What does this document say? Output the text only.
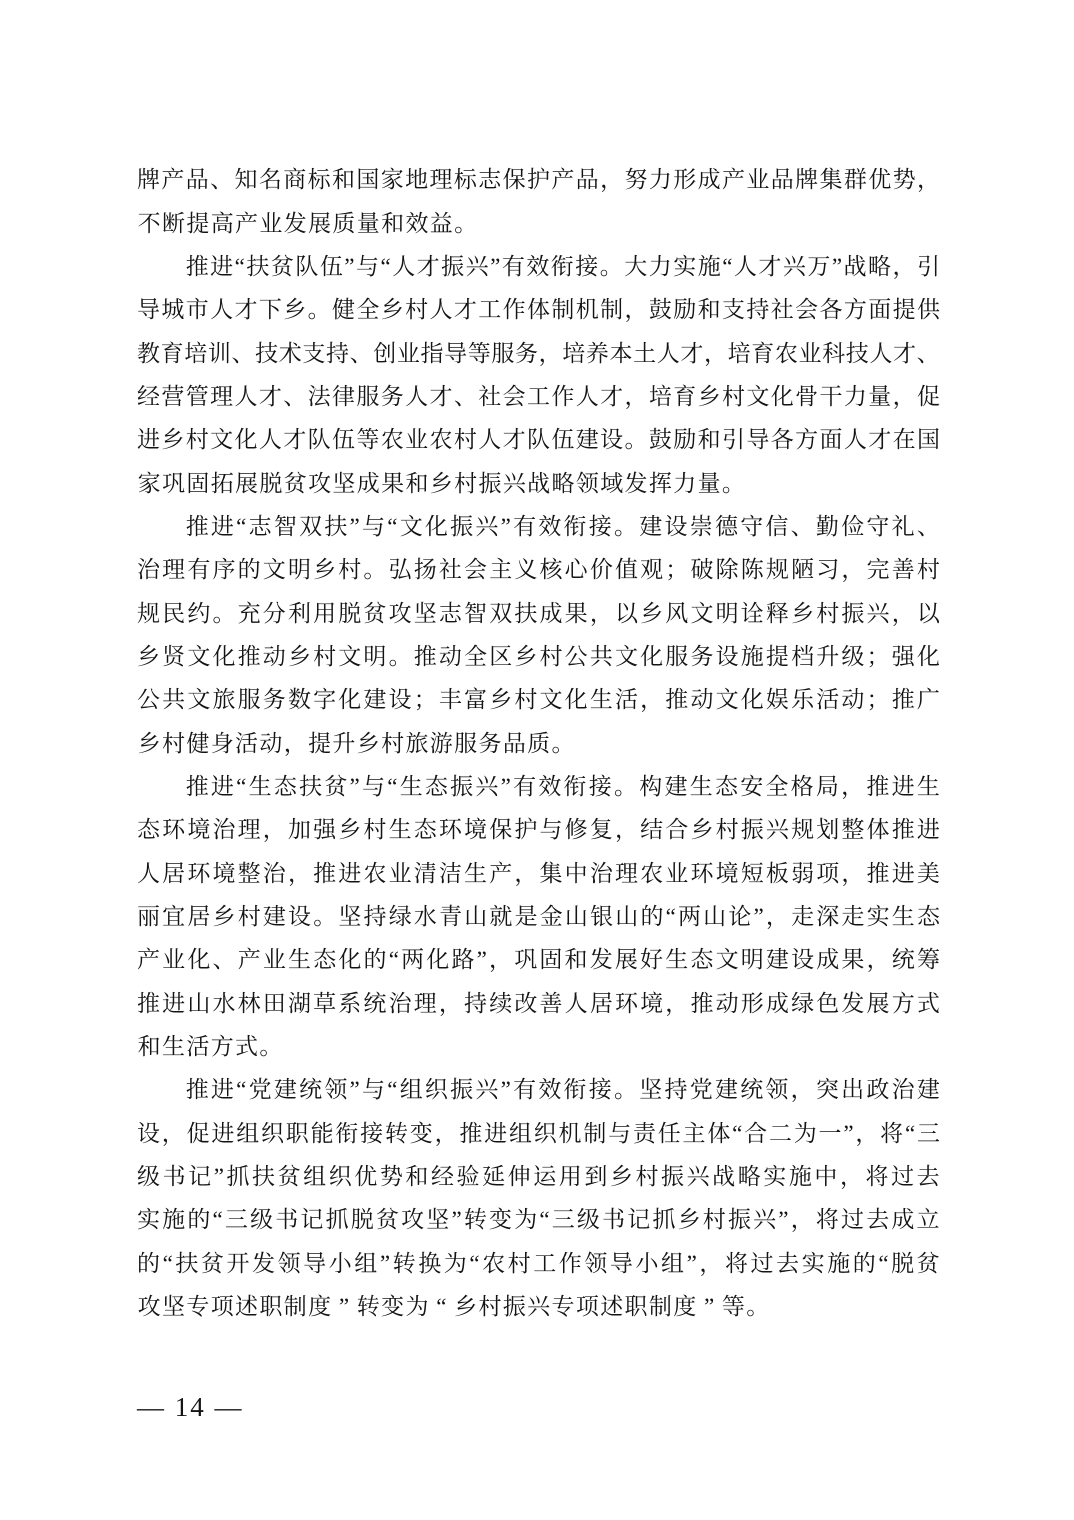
牌 产 品 、 知 名 商 标 和 国 家 地 理 标 志 保 护 产 品 ， 努 力 形 成 产 业 品 牌 集 群 优 势 ，
不 断 提 高 产 业 发 展 质 量 和 效 益 。
推 进 “ 扶 贫 队 伍 ” 与 “ 人 才 振 兴 ” 有 效 衔 接 。 大 力 实 施 “ 人 才 兴 万 ” 战 略 ， 引
导 城 市 人 才 下 乡 。 健 全 乡 村 人 才 工 作 体 制 机 制 ， 鼓 励 和 支 持 社 会 各 方 面 提 供
教 育 培 训 、 技 术 支 持 、 创 业 指 导 等 服 务 ， 培 养 本 土 人 才 ， 培 育 农 业 科 技 人 才 、
经 营 管 理 人 才 、 法 律 服 务 人 才 、 社 会 工 作 人 才 ， 培 育 乡 村 文 化 骨 干 力 量 ， 促
进 乡 村 文 化 人 才 队 伍 等 农 业 农 村 人 才 队 伍 建 设 。 鼓 励 和 引 导 各 方 面 人 才 在 国
家 巩 固 拓 展 脱 贫 攻 坚 成 果 和 乡 村 振 兴 战 略 领 域 发 挥 力 量 。
推 进 “ 志 智 双 扶 ” 与 “ 文 化 振 兴 ” 有 效 衔 接 。 建 设 崇 德 守 信 、 勤 俭 守 礼 、
治 理 有 序 的 文 明 乡 村 。 弘 扬 社 会 主 义 核 心 价 值 观 ； 破 除 陈 规 陋 习 ， 完 善 村
规 民 约 。 充 分 利 用 脱 贫 攻 坚 志 智 双 扶 成 果 ， 以 乡 风 文 明 诠 释 乡 村 振 兴 ， 以
乡 贤 文 化 推 动 乡 村 文 明 。 推 动 全 区 乡 村 公 共 文 化 服 务 设 施 提 档 升 级 ； 强 化
公 共 文 旅 服 务 数 字 化 建 设 ； 丰 富 乡 村 文 化 生 活 ， 推 动 文 化 娱 乐 活 动 ； 推 广
乡 村 健 身 活 动 ， 提 升 乡 村 旅 游 服 务 品 质 。
推 进 “ 生 态 扶 贫 ” 与 “ 生 态 振 兴 ” 有 效 衔 接 。 构 建 生 态 安 全 格 局 ， 推 进 生
态 环 境 治 理 ， 加 强 乡 村 生 态 环 境 保 护 与 修 复 ， 结 合 乡 村 振 兴 规 划 整 体 推 进
人 居 环 境 整 治 ， 推 进 农 业 清 洁 生 产 ， 集 中 治 理 农 业 环 境 短 板 弱 项 ， 推 进 美
丽 宜 居 乡 村 建 设 。 坚 持 绿 水 青 山 就 是 金 山 银 山 的 “ 两 山 论 ” ， 走 深 走 实 生 态
产 业 化 、 产 业 生 态 化 的 “ 两 化 路 ” ， 巩 固 和 发 展 好 生 态 文 明 建 设 成 果 ， 统 筹
推 进 山 水 林 田 湖 草 系 统 治 理 ， 持 续 改 善 人 居 环 境 ， 推 动 形 成 绿 色 发 展 方 式
和 生 活 方 式 。
推 进 “ 党 建 统 领 ” 与 “ 组 织 振 兴 ” 有 效 衔 接 。 坚 持 党 建 统 领 ， 突 出 政 治 建
设 ， 促 进 组 织 职 能 衔 接 转 变 ， 推 进 组 织 机 制 与 责 任 主 体 “ 合 二 为 一 ” ， 将 “ 三
级 书 记 ” 抓 扶 贫 组 织 优 势 和 经 验 延 伸 运 用 到 乡 村 振 兴 战 略 实 施 中 ， 将 过 去
实 施 的 “ 三 级 书 记 抓 脱 贫 攻 坚 ” 转 变 为 “ 三 级 书 记 抓 乡 村 振 兴 ” ， 将 过 去 成 立
的 “ 扶 贫 开 发 领 导 小 组 ” 转 换 为 “ 农 村 工 作 领 导 小 组 ” ， 将 过 去 实 施 的 “ 脱 贫
攻 坚 专 项 述 职 制 度 ” 转 变 为 “ 乡 村 振 兴 专 项 述 职 制 度 ” 等 。
— 14 —
